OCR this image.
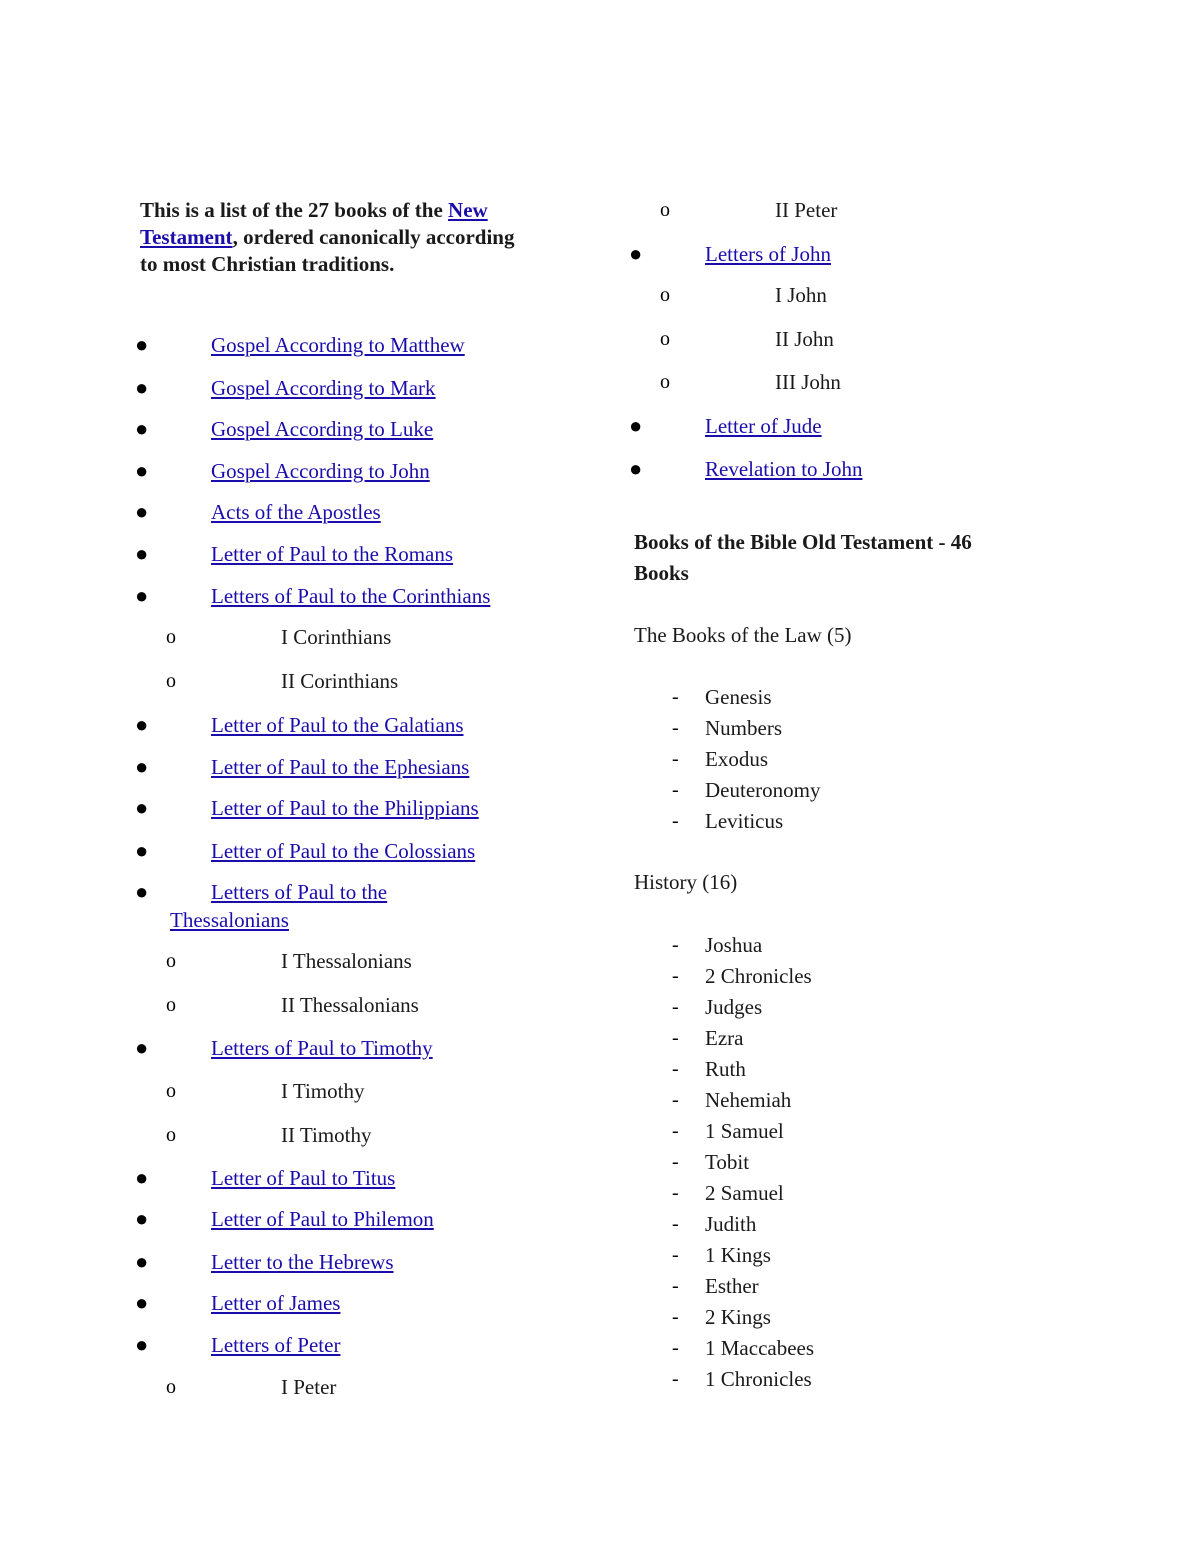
This is a list of the 27 books of the New
Testament, ordered canonically according
to most Christian traditions.
●	Gospel According to Matthew
●	Gospel According to Mark
●	Gospel According to Luke
●	Gospel According to John
●	Acts of the Apostles
●	Letter of Paul to the Romans
●	Letters of Paul to the Corinthians
o	I Corinthians
o	II Corinthians
●	Letter of Paul to the Galatians
●	Letter of Paul to the Ephesians
●	Letter of Paul to the Philippians
●	Letter of Paul to the Colossians
●	Letters of Paul to the
Thessalonians
o	I Thessalonians
o	II Thessalonians
●	Letters of Paul to Timothy
o	I Timothy
o	II Timothy
●	Letter of Paul to Titus
●	Letter of Paul to Philemon
●	Letter to the Hebrews
●	Letter of James
●	Letters of Peter
o	I Peter
o	II Peter
●	Letters of John
o	I John
o	II John
o	III John
●	Letter of Jude
●	Revelation to John
Books of the Bible Old Testament - 46
Books
The Books of the Law (5)
- Genesis
- Numbers
- Exodus
- Deuteronomy
- Leviticus
History (16)
- Joshua
- 2 Chronicles
- Judges
- Ezra
- Ruth
- Nehemiah
- 1 Samuel
- Tobit
- 2 Samuel
- Judith
- 1 Kings
- Esther
- 2 Kings
- 1 Maccabees
- 1 Chronicles
